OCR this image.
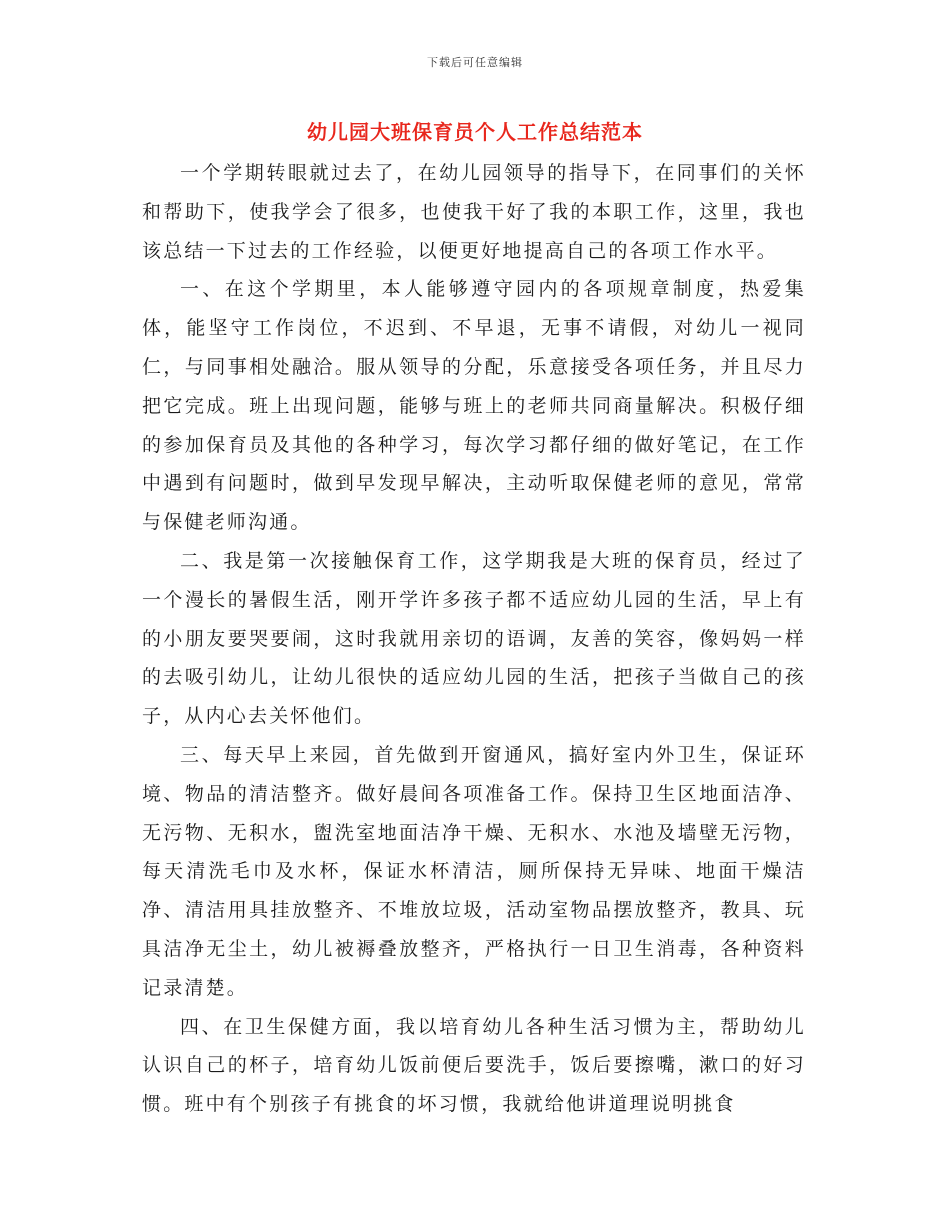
下载后可任意编辑
幼儿园大班保育员个人工作总结范本

一个学期转眼就过去了，在幼儿园领导的指导下，在同事们的关怀和帮助下，使我学会了很多，也使我干好了我的本职工作，这里，我也该总结一下过去的工作经验，以便更好地提高自己的各项工作水平。

一、在这个学期里，本人能够遵守园内的各项规章制度，热爱集体，能坚守工作岗位，不迟到、不早退，无事不请假，对幼儿一视同仁，与同事相处融洽。服从领导的分配，乐意接受各项任务，并且尽力把它完成。班上出现问题，能够与班上的老师共同商量解决。积极仔细的参加保育员及其他的各种学习，每次学习都仔细的做好笔记，在工作中遇到有问题时，做到早发现早解决，主动听取保健老师的意见，常常与保健老师沟通。

二、我是第一次接触保育工作，这学期我是大班的保育员，经过了一个漫长的暑假生活，刚开学许多孩子都不适应幼儿园的生活，早上有的小朋友要哭要闹，这时我就用亲切的语调，友善的笑容，像妈妈一样的去吸引幼儿，让幼儿很快的适应幼儿园的生活，把孩子当做自己的孩子，从内心去关怀他们。

三、每天早上来园，首先做到开窗通风，搞好室内外卫生，保证环境、物品的清洁整齐。做好晨间各项准备工作。保持卫生区地面洁净、无污物、无积水，盥洗室地面洁净干燥、无积水、水池及墙壁无污物，每天清洗毛巾及水杯，保证水杯清洁，厕所保持无异味、地面干燥洁净、清洁用具挂放整齐、不堆放垃圾，活动室物品摆放整齐，教具、玩具洁净无尘土，幼儿被褥叠放整齐，严格执行一日卫生消毒，各种资料记录清楚。

四、在卫生保健方面，我以培育幼儿各种生活习惯为主，帮助幼儿认识自己的杯子，培育幼儿饭前便后要洗手，饭后要擦嘴，漱口的好习惯。班中有个别孩子有挑食的坏习惯，我就给他讲道理说明挑食
